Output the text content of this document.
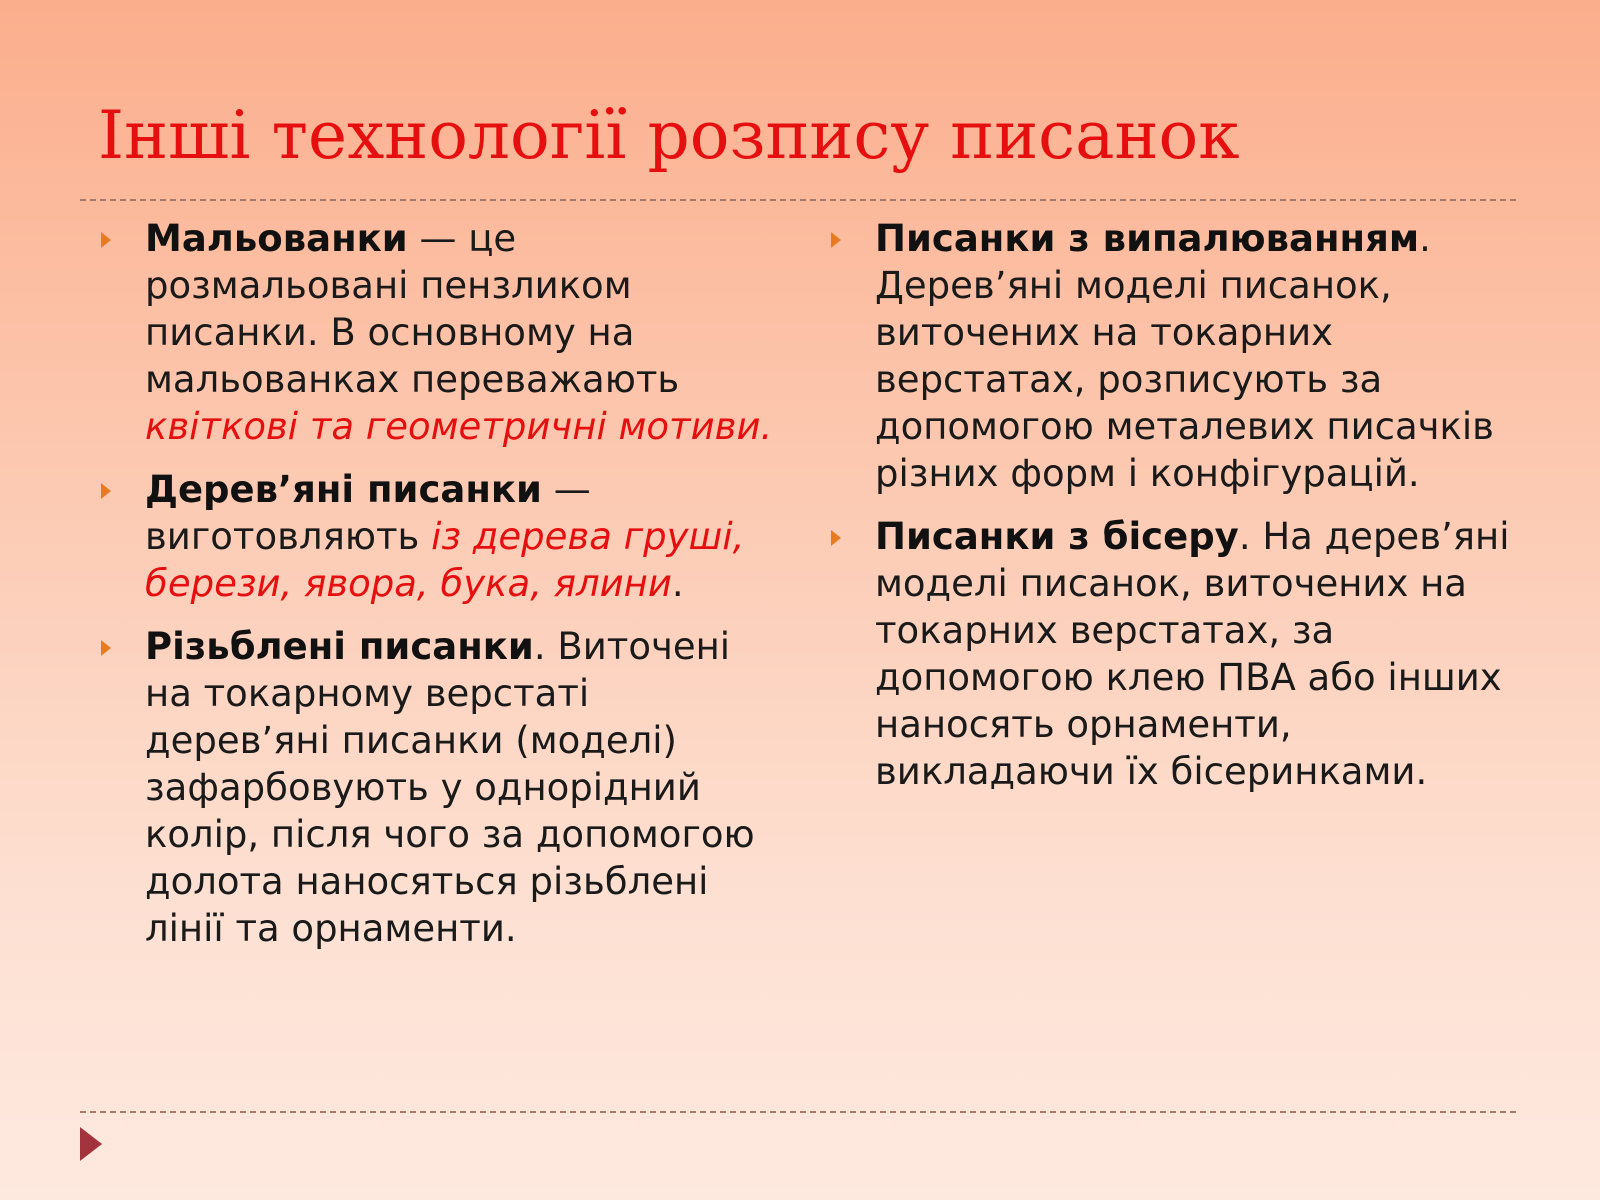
Інші технології розпису писанок
Мальованки — це розмальовані пензликом писанки. В основному на мальованках переважають квіткові та геометричні мотиви.
Дерев’яні писанки — виготовляють із дерева груші, берези, явора, бука, ялини.
Різьблені писанки. Виточені на токарному верстаті дерев’яні писанки (моделі) зафарбовують у однорідний колір, після чого за допомогою долота наносяться різьблені лінії та орнаменти.
Писанки з випалюванням. Дерев’яні моделі писанок, виточених на токарних верстатах, розписують за допомогою металевих писачків різних форм і конфігурацій.
Писанки з бісеру. На дерев’яні моделі писанок, виточених на токарних верстатах, за допомогою клею ПВА або інших наносять орнаменти, викладаючи їх бісеринками.
